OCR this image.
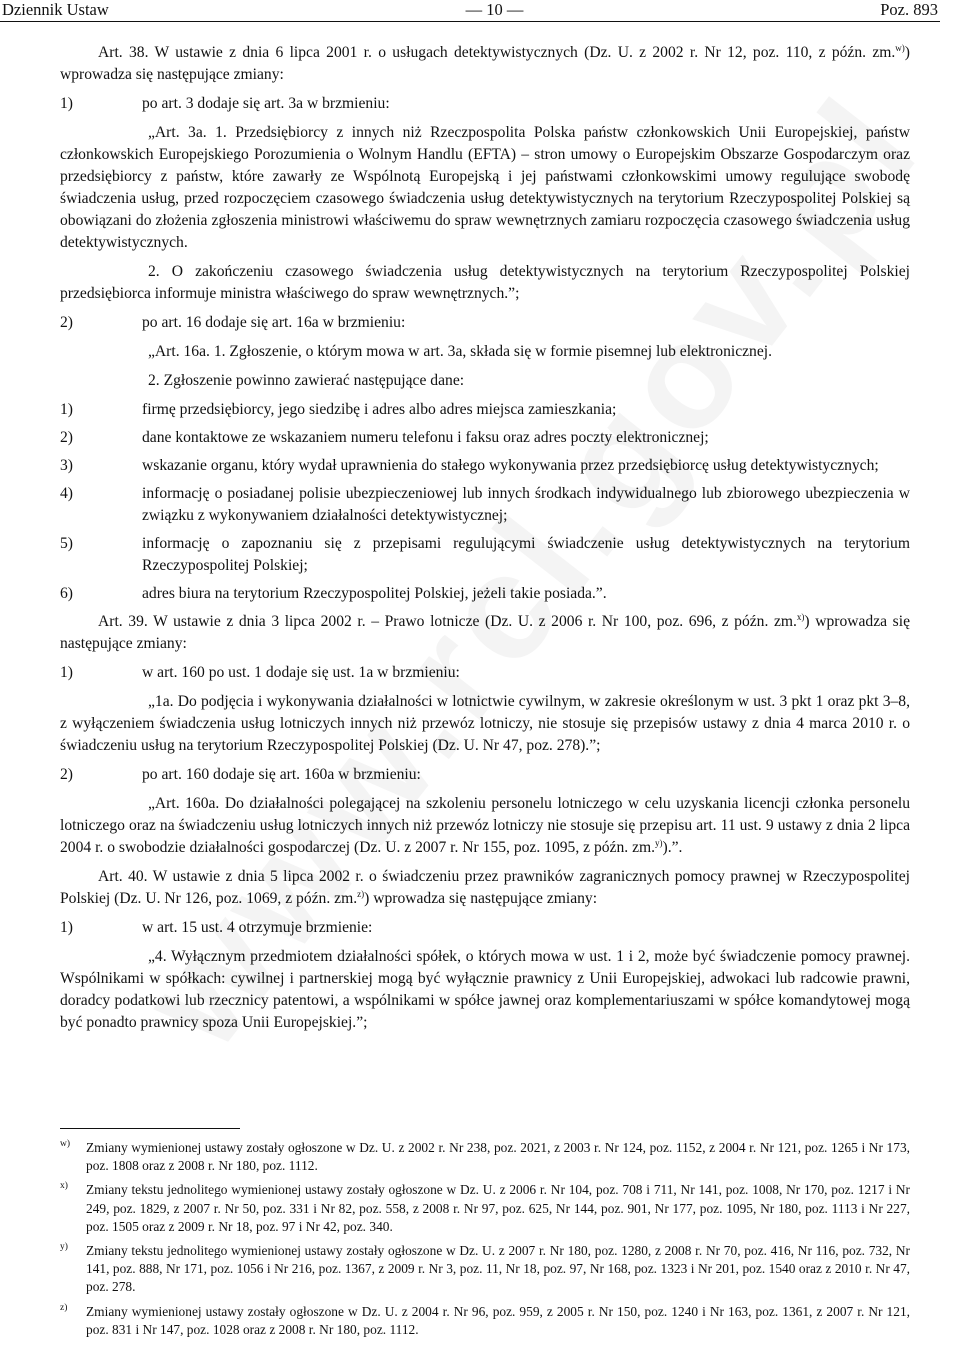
Dziennik Ustaw	— 10 —	Poz. 893

Art. 38. W ustawie z dnia 6 lipca 2001 r. o usługach detektywistycznych (Dz. U. z 2002 r. Nr 12, poz. 110, z późn. zm.$^{w)}$) wprowadza się następujące zmiany:

1)	po art. 3 dodaje się art. 3a w brzmieniu:

„Art. 3a. 1. Przedsiębiorcy z innych niż Rzeczpospolita Polska państw członkowskich Unii Europejskiej, państw członkowskich Europejskiego Porozumienia o Wolnym Handlu (EFTA) – stron umowy o Europejskim Obszarze Gospodarczym oraz przedsiębiorcy z państw, które zawarły ze Wspólnotą Europejską i jej państwami członkowskimi umowy regulujące swobodę świadczenia usług, przed rozpoczęciem czasowego świadczenia usług detektywistycznych na terytorium Rzeczypospolitej Polskiej są obowiązani do złożenia zgłoszenia ministrowi właściwemu do spraw wewnętrznych zamiaru rozpoczęcia czasowego świadczenia usług detektywistycznych.

2. O zakończeniu czasowego świadczenia usług detektywistycznych na terytorium Rzeczypospolitej Polskiej przedsiębiorca informuje ministra właściwego do spraw wewnętrznych.”;

2)	po art. 16 dodaje się art. 16a w brzmieniu:

„Art. 16a. 1. Zgłoszenie, o którym mowa w art. 3a, składa się w formie pisemnej lub elektronicznej.

2. Zgłoszenie powinno zawierać następujące dane:

1)	firmę przedsiębiorcy, jego siedzibę i adres albo adres miejsca zamieszkania;
2)	dane kontaktowe ze wskazaniem numeru telefonu i faksu oraz adres poczty elektronicznej;
3)	wskazanie organu, który wydał uprawnienia do stałego wykonywania przez przedsiębiorcę usług detektywistycznych;
4)	informację o posiadanej polisie ubezpieczeniowej lub innych środkach indywidualnego lub zbiorowego ubezpieczenia w związku z wykonywaniem działalności detektywistycznej;
5)	informację o zapoznaniu się z przepisami regulującymi świadczenie usług detektywistycznych na terytorium Rzeczypospolitej Polskiej;
6)	adres biura na terytorium Rzeczypospolitej Polskiej, jeżeli takie posiada.”.

Art. 39. W ustawie z dnia 3 lipca 2002 r. – Prawo lotnicze (Dz. U. z 2006 r. Nr 100, poz. 696, z późn. zm.$^{x)}$) wprowadza się następujące zmiany:

1)	w art. 160 po ust. 1 dodaje się ust. 1a w brzmieniu:

„1a. Do podjęcia i wykonywania działalności w lotnictwie cywilnym, w zakresie określonym w ust. 3 pkt 1 oraz pkt 3–8, z wyłączeniem świadczenia usług lotniczych innych niż przewóz lotniczy, nie stosuje się przepisów ustawy z dnia 4 marca 2010 r. o świadczeniu usług na terytorium Rzeczypospolitej Polskiej (Dz. U. Nr 47, poz. 278).”;

2)	po art. 160 dodaje się art. 160a w brzmieniu:

„Art. 160a. Do działalności polegającej na szkoleniu personelu lotniczego w celu uzyskania licencji członka personelu lotniczego oraz na świadczeniu usług lotniczych innych niż przewóz lotniczy nie stosuje się przepisu art. 11 ust. 9 ustawy z dnia 2 lipca 2004 r. o swobodzie działalności gospodarczej (Dz. U. z 2007 r. Nr 155, poz. 1095, z późn. zm.$^{y)}$).”.

Art. 40. W ustawie z dnia 5 lipca 2002 r. o świadczeniu przez prawników zagranicznych pomocy prawnej w Rzeczypospolitej Polskiej (Dz. U. Nr 126, poz. 1069, z późn. zm.$^{z)}$) wprowadza się następujące zmiany:

1)	w art. 15 ust. 4 otrzymuje brzmienie:

„4. Wyłącznym przedmiotem działalności spółek, o których mowa w ust. 1 i 2, może być świadczenie pomocy prawnej. Wspólnikami w spółkach: cywilnej i partnerskiej mogą być wyłącznie prawnicy z Unii Europejskiej, adwokaci lub radcowie prawni, doradcy podatkowi lub rzecznicy patentowi, a wspólnikami w spółce jawnej oraz komplementariuszami w spółce komandytowej mogą być ponadto prawnicy spoza Unii Europejskiej.”;

w) Zmiany wymienionej ustawy zostały ogłoszone w Dz. U. z 2002 r. Nr 238, poz. 2021, z 2003 r. Nr 124, poz. 1152, z 2004 r. Nr 121, poz. 1265 i Nr 173, poz. 1808 oraz z 2008 r. Nr 180, poz. 1112.
x) Zmiany tekstu jednolitego wymienionej ustawy zostały ogłoszone w Dz. U. z 2006 r. Nr 104, poz. 708 i 711, Nr 141, poz. 1008, Nr 170, poz. 1217 i Nr 249, poz. 1829, z 2007 r. Nr 50, poz. 331 i Nr 82, poz. 558, z 2008 r. Nr 97, poz. 625, Nr 144, poz. 901, Nr 177, poz. 1095, Nr 180, poz. 1113 i Nr 227, poz. 1505 oraz z 2009 r. Nr 18, poz. 97 i Nr 42, poz. 340.
y) Zmiany tekstu jednolitego wymienionej ustawy zostały ogłoszone w Dz. U. z 2007 r. Nr 180, poz. 1280, z 2008 r. Nr 70, poz. 416, Nr 116, poz. 732, Nr 141, poz. 888, Nr 171, poz. 1056 i Nr 216, poz. 1367, z 2009 r. Nr 3, poz. 11, Nr 18, poz. 97, Nr 168, poz. 1323 i Nr 201, poz. 1540 oraz z 2010 r. Nr 47, poz. 278.
z) Zmiany wymienionej ustawy zostały ogłoszone w Dz. U. z 2004 r. Nr 96, poz. 959, z 2005 r. Nr 150, poz. 1240 i Nr 163, poz. 1361, z 2007 r. Nr 121, poz. 831 i Nr 147, poz. 1028 oraz z 2008 r. Nr 180, poz. 1112.
